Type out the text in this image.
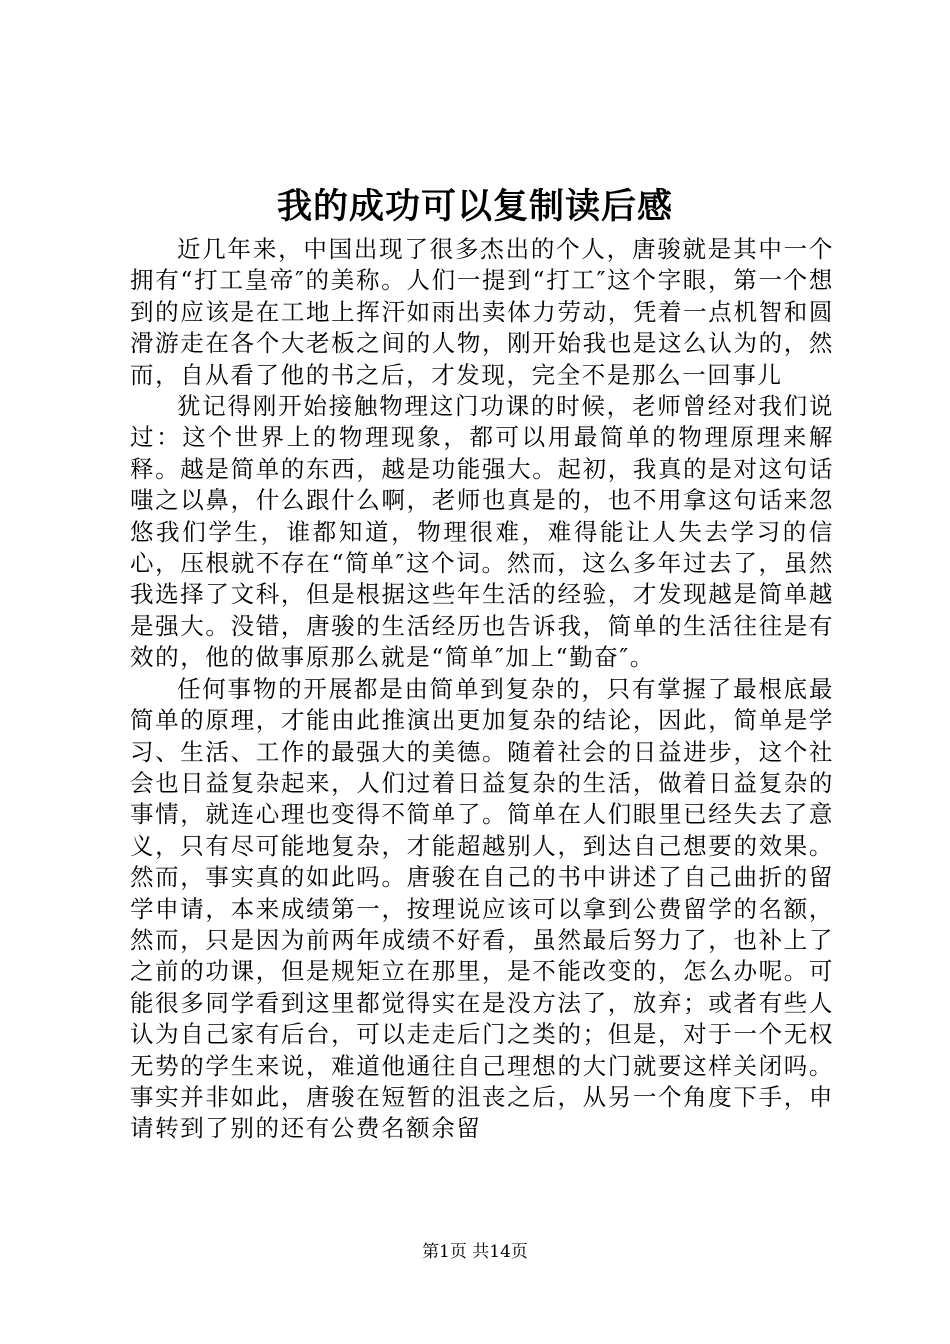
我的成功可以复制读后感

近几年来，中国出现了很多杰出的个人，唐骏就是其中一个拥有“打工皇帝″的美称。人们一提到“打工″这个字眼，第一个想到的应该是在工地上挥汗如雨出卖体力劳动，凭着一点机智和圆滑游走在各个大老板之间的人物，刚开始我也是这么认为的，然而，自从看了他的书之后，才发现，完全不是那么一回事儿

犹记得刚开始接触物理这门功课的时候，老师曾经对我们说过：这个世界上的物理现象，都可以用最简单的物理原理来解释。越是简单的东西，越是功能强大。起初，我真的是对这句话嗤之以鼻，什么跟什么啊，老师也真是的，也不用拿这句话来忽悠我们学生，谁都知道，物理很难，难得能让人失去学习的信心，压根就不存在“简单″这个词。然而，这么多年过去了，虽然我选择了文科，但是根据这些年生活的经验，才发现越是简单越是强大。没错，唐骏的生活经历也告诉我，简单的生活往往是有效的，他的做事原那么就是“简单″加上“勤奋″。

任何事物的开展都是由简单到复杂的，只有掌握了最根底最简单的原理，才能由此推演出更加复杂的结论，因此，简单是学习、生活、工作的最强大的美德。随着社会的日益进步，这个社会也日益复杂起来，人们过着日益复杂的生活，做着日益复杂的事情，就连心理也变得不简单了。简单在人们眼里已经失去了意义，只有尽可能地复杂，才能超越别人，到达自己想要的效果。然而，事实真的如此吗。唐骏在自己的书中讲述了自己曲折的留学申请，本来成绩第一，按理说应该可以拿到公费留学的名额，然而，只是因为前两年成绩不好看，虽然最后努力了，也补上了之前的功课，但是规矩立在那里，是不能改变的，怎么办呢。可能很多同学看到这里都觉得实在是没方法了，放弃；或者有些人认为自己家有后台，可以走走后门之类的；但是，对于一个无权无势的学生来说，难道他通往自己理想的大门就要这样关闭吗。事实并非如此，唐骏在短暂的沮丧之后，从另一个角度下手，申请转到了别的还有公费名额余留

第1页 共14页
